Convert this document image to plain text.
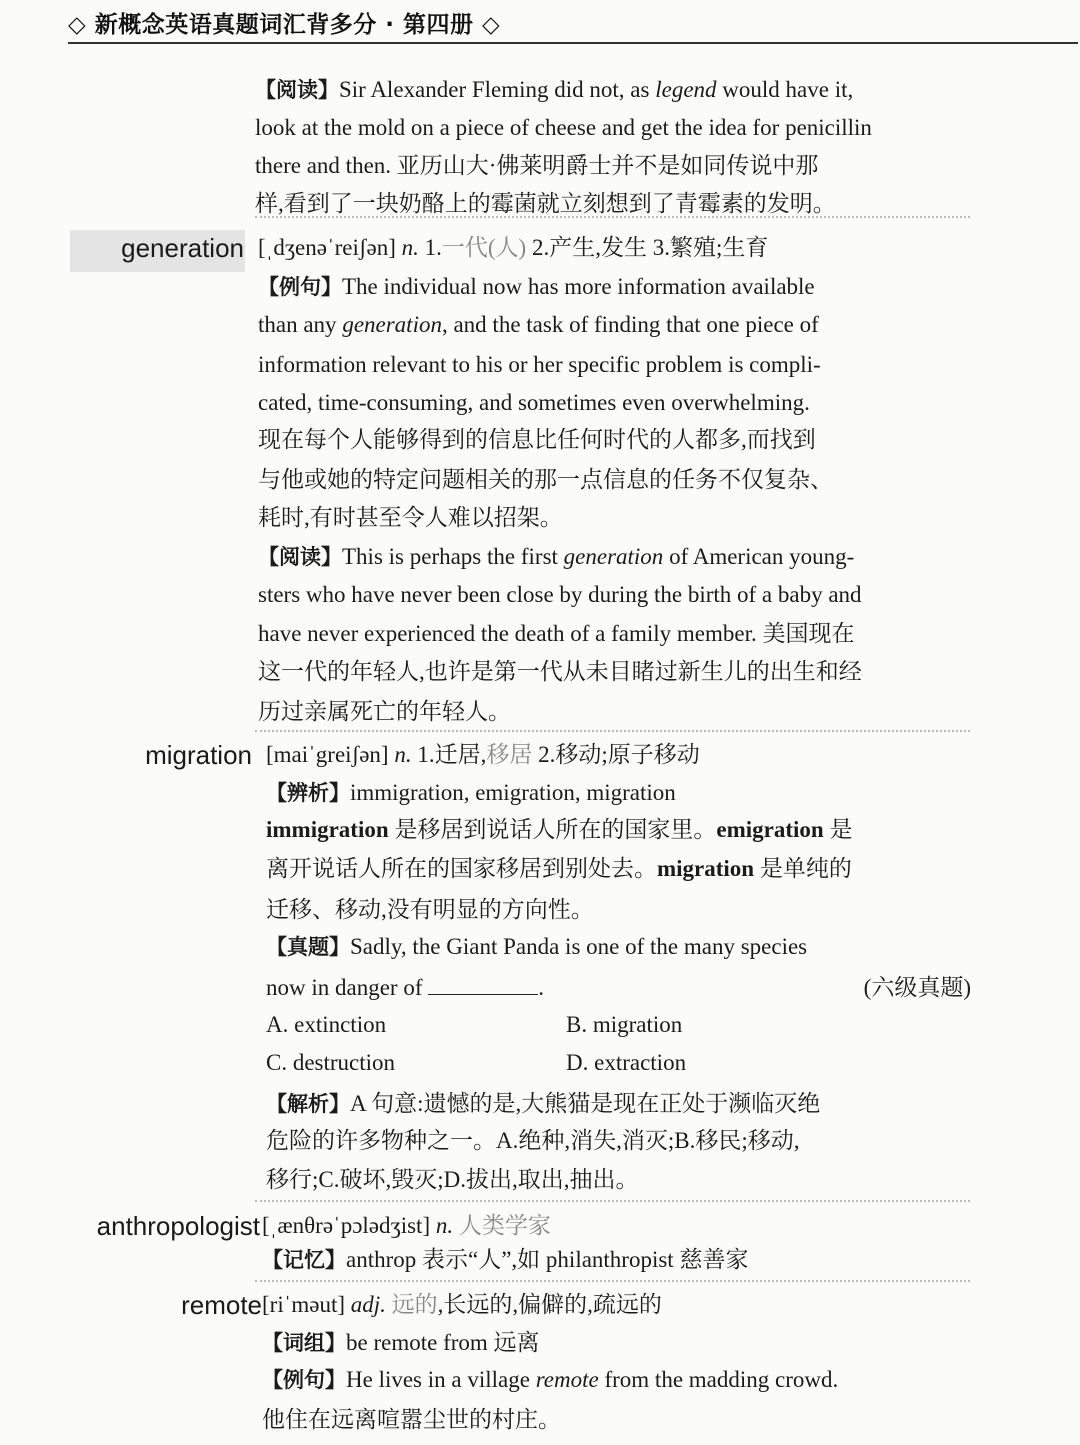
◇ 新概念英语真题词汇背多分 · 第四册 ◇
【阅读】Sir Alexander Fleming did not, as legend would have it,
look at the mold on a piece of cheese and get the idea for penicillin
there and then. 亚历山大·佛莱明爵士并不是如同传说中那
样,看到了一块奶酪上的霉菌就立刻想到了青霉素的发明。
generation [ˌdʒenəˈreiʃən] n. 1.一代(人) 2.产生,发生 3.繁殖;生育
【例句】The individual now has more information available
than any generation, and the task of finding that one piece of
information relevant to his or her specific problem is compli-
cated, time-consuming, and sometimes even overwhelming.
现在每个人能够得到的信息比任何时代的人都多,而找到
与他或她的特定问题相关的那一点信息的任务不仅复杂、
耗时,有时甚至令人难以招架。
【阅读】This is perhaps the first generation of American young-
sters who have never been close by during the birth of a baby and
have never experienced the death of a family member. 美国现在
这一代的年轻人,也许是第一代从未目睹过新生儿的出生和经
历过亲属死亡的年轻人。
migration [maiˈgreiʃən] n. 1.迁居,移居 2.移动;原子移动
【辨析】immigration, emigration, migration
immigration 是移居到说话人所在的国家里。emigration 是
离开说话人所在的国家移居到别处去。migration 是单纯的
迁移、移动,没有明显的方向性。
【真题】Sadly, the Giant Panda is one of the many species
now in danger of	.	(六级真题)
A. extinction	B. migration
C. destruction	D. extraction
【解析】A 句意:遗憾的是,大熊猫是现在正处于濒临灭绝
危险的许多物种之一。A.绝种,消失,消灭;B.移民;移动,
移行;C.破坏,毁灭;D.拔出,取出,抽出。
anthropologist [ˌænθrəˈpɔlədʒist] n. 人类学家
【记忆】anthrop 表示“人”,如 philanthropist 慈善家
remote [riˈməut] adj. 远的,长远的,偏僻的,疏远的
【词组】be remote from 远离
【例句】He lives in a village remote from the madding crowd.
他住在远离喧嚣尘世的村庄。
